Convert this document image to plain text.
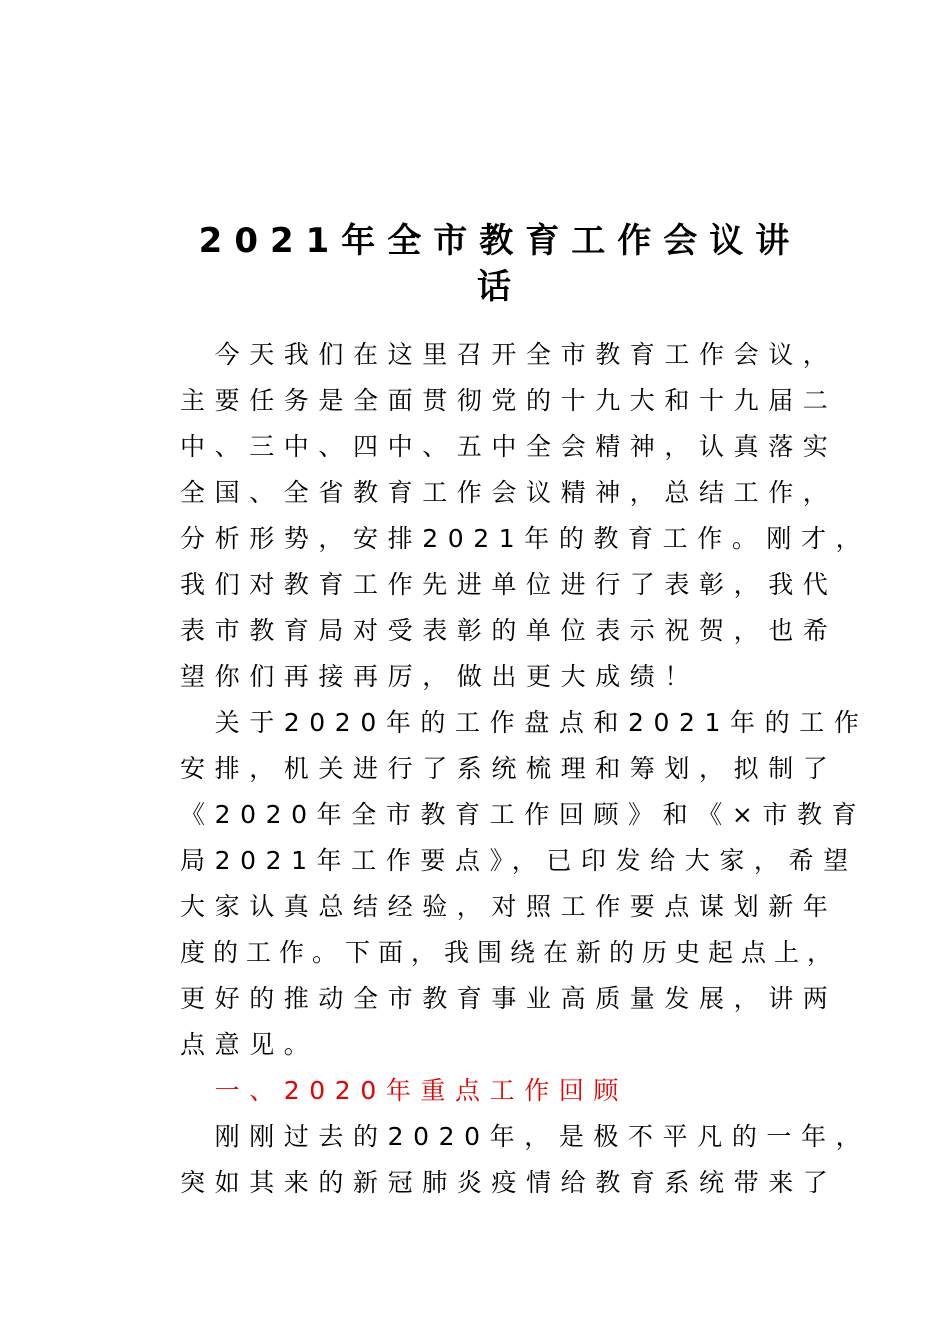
2021年全市教育工作会议讲
话
　今天我们在这里召开全市教育工作会议，
主要任务是全面贯彻党的十九大和十九届二
中、三中、四中、五中全会精神，认真落实
全国、全省教育工作会议精神，总结工作，
分析形势，安排2021年的教育工作。刚才，
我们对教育工作先进单位进行了表彰，我代
表市教育局对受表彰的单位表示祝贺，也希
望你们再接再厉，做出更大成绩！
　关于2020年的工作盘点和2021年的工作
安排，机关进行了系统梳理和筹划，拟制了
《2020年全市教育工作回顾》和《×市教育
局2021年工作要点》，已印发给大家，希望
大家认真总结经验，对照工作要点谋划新年
度的工作。下面，我围绕在新的历史起点上，
更好的推动全市教育事业高质量发展，讲两
点意见。
　一、2020年重点工作回顾
　刚刚过去的2020年，是极不平凡的一年，
突如其来的新冠肺炎疫情给教育系统带来了
